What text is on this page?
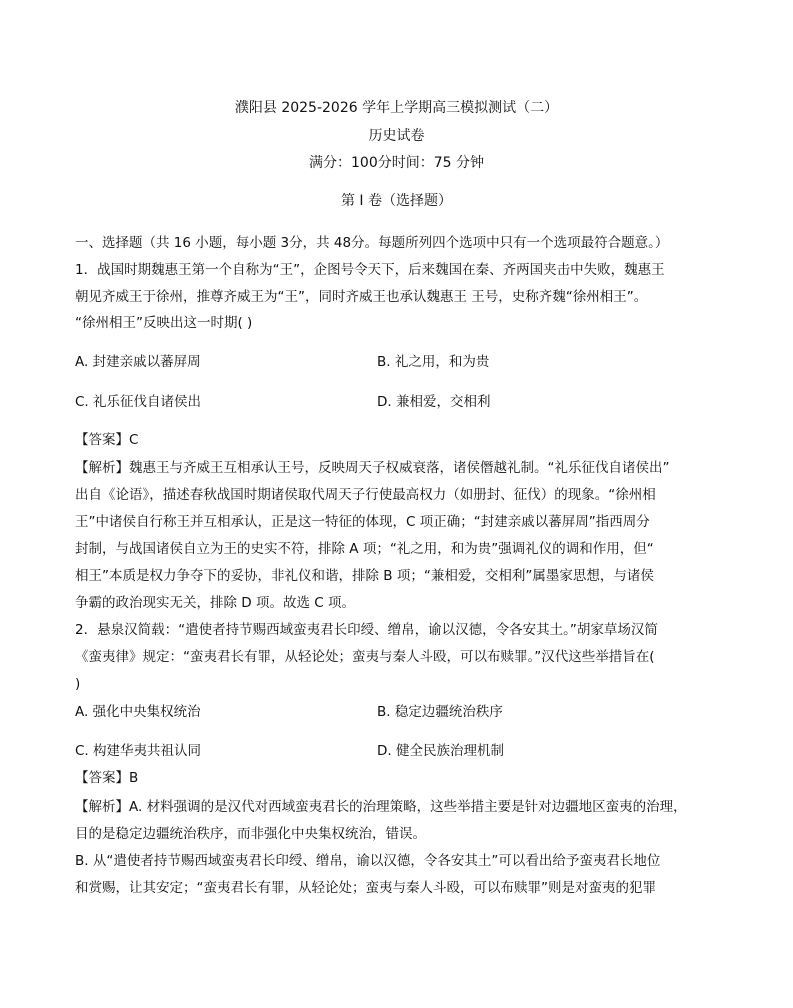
濮阳县 2025-2026 学年上学期高三模拟测试（二）
历史试卷
满分：100分时间：75 分钟
第 I 卷（选择题）
一、选择题（共 16 小题，每小题 3分，共 48分。每题所列四个选项中只有一个选项最符合题意。）
1．战国时期魏惠王第一个自称为“王”，企图号令天下，后来魏国在秦、齐两国夹击中失败，魏惠王
朝见齐威王于徐州，推尊齐威王为“王”，同时齐威王也承认魏惠王 王号，史称齐魏“徐州相王”。
“徐州相王”反映出这一时期( )
A. 封建亲戚以蕃屏周	B. 礼之用，和为贵
C. 礼乐征伐自诸侯出	D. 兼相爱，交相利
【答案】C
【解析】魏惠王与齐威王互相承认王号，反映周天子权威衰落，诸侯僭越礼制。“礼乐征伐自诸侯出”
出自《论语》，描述春秋战国时期诸侯取代周天子行使最高权力（如册封、征伐）的现象。“徐州相
王”中诸侯自行称王并互相承认，正是这一特征的体现，C 项正确；“封建亲戚以蕃屏周”指西周分
封制，与战国诸侯自立为王的史实不符，排除 A 项；“礼之用，和为贵”强调礼仪的调和作用，但“
相王”本质是权力争夺下的妥协，非礼仪和谐，排除 B 项；“兼相爱，交相利”属墨家思想，与诸侯
争霸的政治现实无关，排除 D 项。故选 C 项。
2．悬泉汉简载：“遣使者持节赐西域蛮夷君长印绶、缯帛，谕以汉德，令各安其土。”胡家草场汉简
《蛮夷律》规定：“蛮夷君长有罪，从轻论处；蛮夷与秦人斗殴，可以布赎罪。”汉代这些举措旨在(
)
A. 强化中央集权统治	B. 稳定边疆统治秩序
C. 构建华夷共祖认同	D. 健全民族治理机制
【答案】B
【解析】A. 材料强调的是汉代对西域蛮夷君长的治理策略，这些举措主要是针对边疆地区蛮夷的治理，
目的是稳定边疆统治秩序，而非强化中央集权统治，错误。
B. 从“遣使者持节赐西域蛮夷君长印绶、缯帛，谕以汉德，令各安其土”可以看出给予蛮夷君长地位
和赏赐，让其安定；“蛮夷君长有罪，从轻论处；蛮夷与秦人斗殴，可以布赎罪”则是对蛮夷的犯罪
